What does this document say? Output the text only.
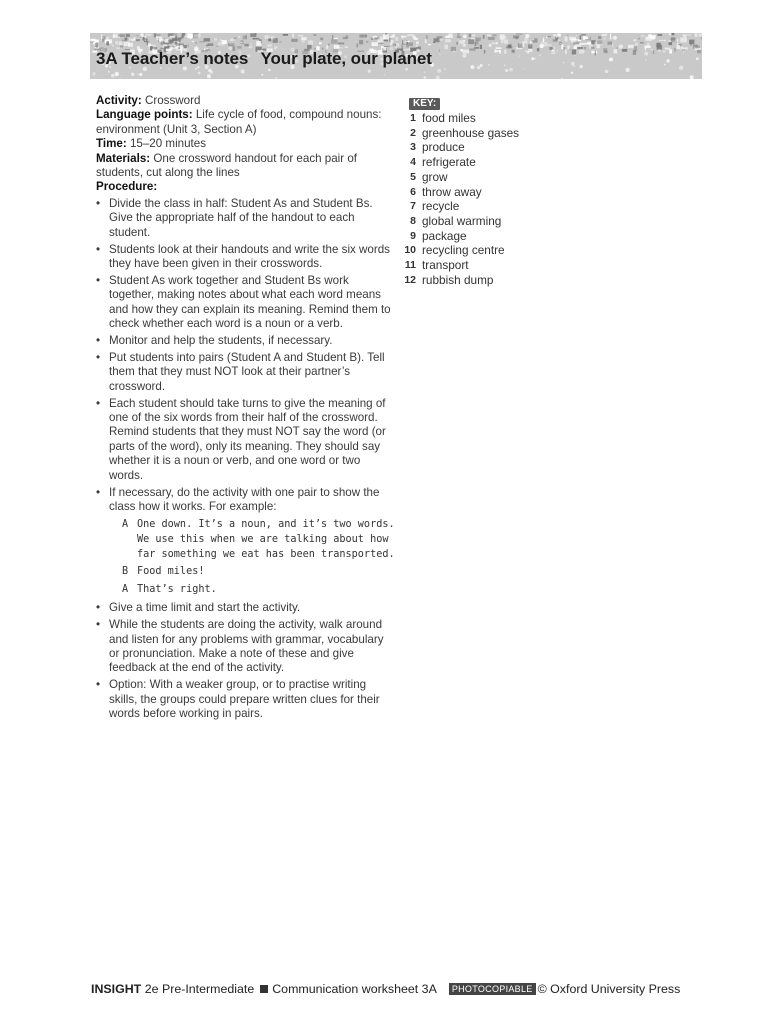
3A Teacher’s notes Your plate, our planet

Activity: Crossword

Language points: Life cycle of food, compound nouns: environment (Unit 3, Section A)

Time: 15–20 minutes

Materials: One crossword handout for each pair of students, cut along the lines

Procedure:

• Divide the class in half: Student As and Student Bs. Give the appropriate half of the handout to each student.
• Students look at their handouts and write the six words they have been given in their crosswords.
• Student As work together and Student Bs work together, making notes about what each word means and how they can explain its meaning. Remind them to check whether each word is a noun or a verb.
• Monitor and help the students, if necessary.
• Put students into pairs (Student A and Student B). Tell them that they must NOT look at their partner’s crossword.
• Each student should take turns to give the meaning of one of the six words from their half of the crossword. Remind students that they must NOT say the word (or parts of the word), only its meaning. They should say whether it is a noun or verb, and one word or two words.
• If necessary, do the activity with one pair to show the class how it works. For example:
A One down. It’s a noun, and it’s two words. We use this when we are talking about how far something we eat has been transported.
B Food miles!
A That’s right.
• Give a time limit and start the activity.
• While the students are doing the activity, walk around and listen for any problems with grammar, vocabulary or pronunciation. Make a note of these and give feedback at the end of the activity.
• Option: With a weaker group, or to practise writing skills, the groups could prepare written clues for their words before working in pairs.
KEY:
1 food miles
2 greenhouse gases
3 produce
4 refrigerate
5 grow
6 throw away
7 recycle
8 global warming
9 package
10 recycling centre
11 transport
12 rubbish dump
INSIGHT 2e Pre-Intermediate Communication worksheet 3A PHOTOCOPIABLE © Oxford University Press
